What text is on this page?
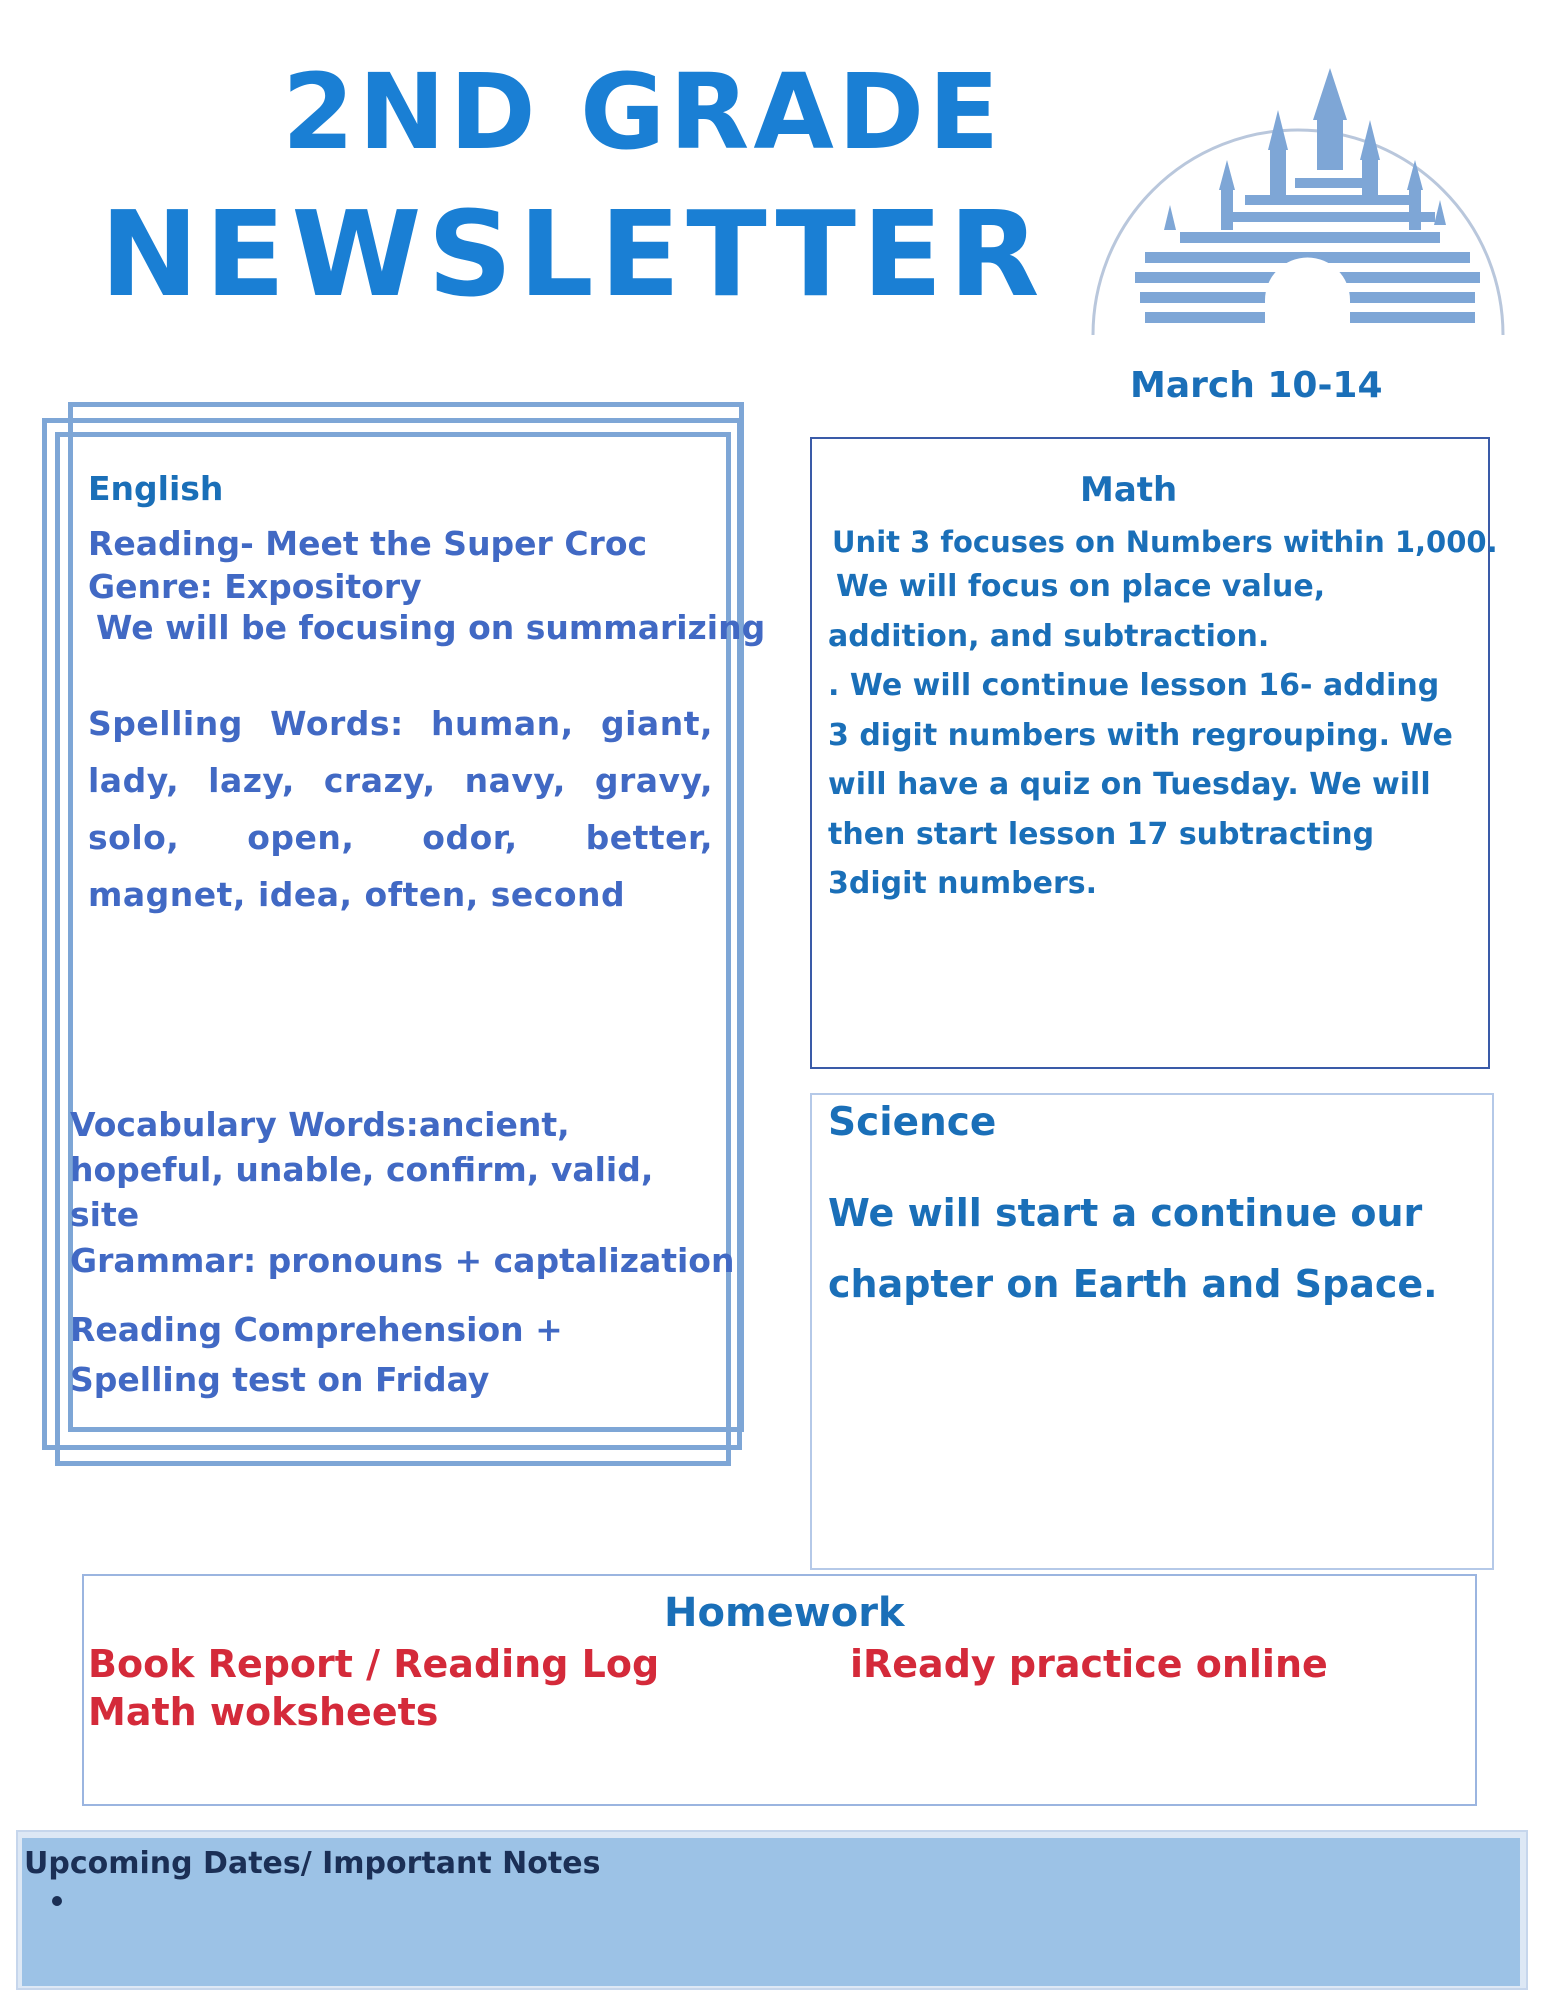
2ND GRADE
NEWSLETTER
March 10-14
English
Reading- Meet the Super Croc
Genre: Expository
We will be focusing on summarizing
Spelling Words: human, giant, lady, lazy, crazy, navy, gravy, solo, open, odor, better, magnet, idea, often, second
Vocabulary Words:ancient, hopeful, unable, confirm, valid, site
Grammar: pronouns + captalization
Reading Comprehension + Spelling test on Friday
Math
Unit 3 focuses on Numbers within 1,000.

We will focus on place value, addition, and subtraction.

. We will continue lesson 16- adding 3 digit numbers with regrouping. We will have a quiz on Tuesday. We will then start lesson 17 subtracting 3digit numbers.

Science
We will start a continue our chapter on Earth and Space.
Homework
Book Report / Reading Log	iReady practice online
Math woksheets
Upcoming Dates/ Important Notes
